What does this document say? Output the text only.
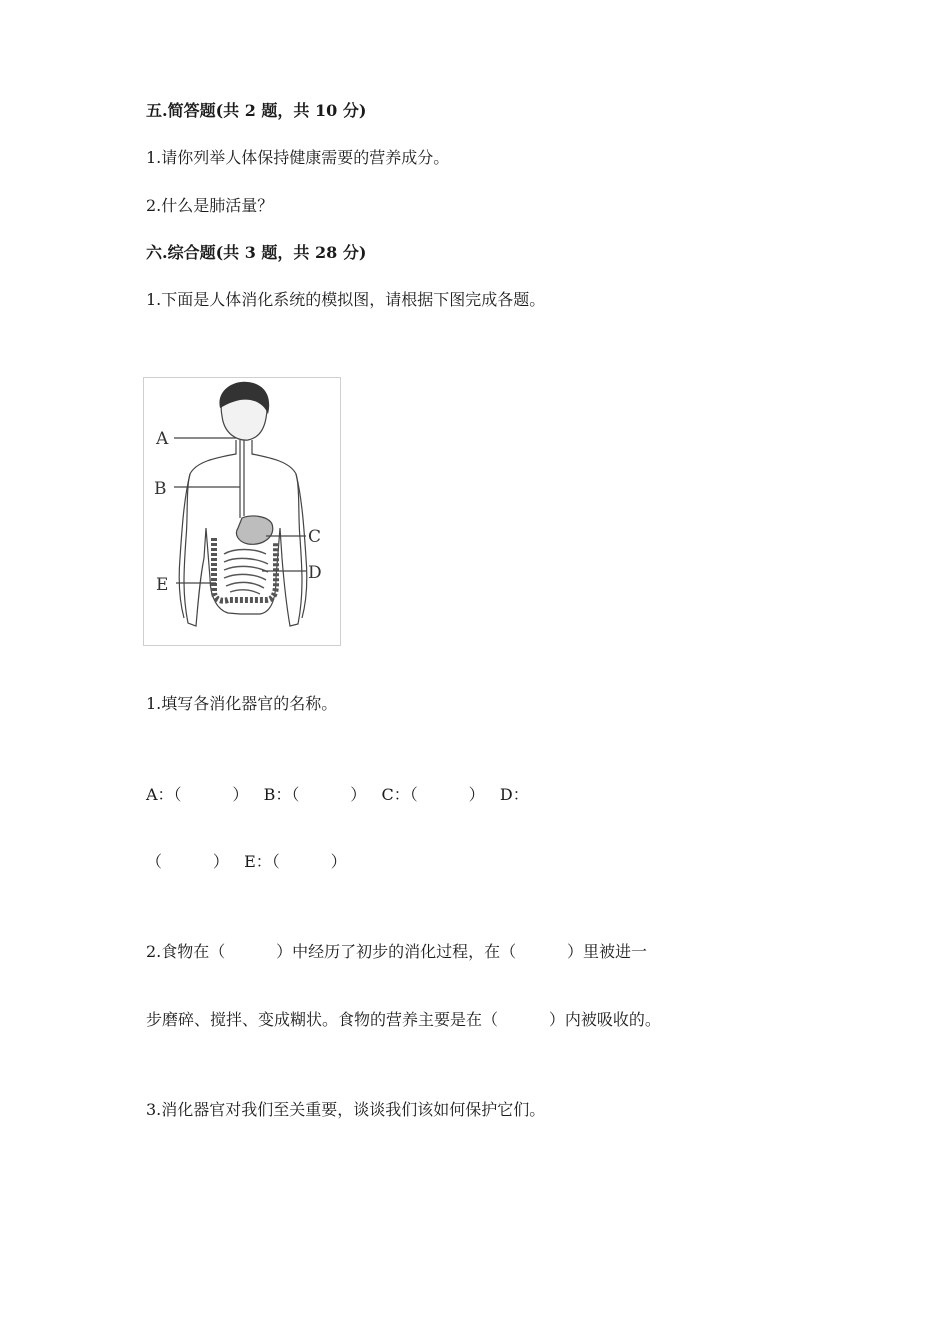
五.简答题(共 2 题，共 10 分)
1.请你列举人体保持健康需要的营养成分。
2.什么是肺活量？
六.综合题(共 3 题，共 28 分)
1.下面是人体消化系统的模拟图，请根据下图完成各题。
A
B
C
D
E
1.填写各消化器官的名称。
A：（          ）   B：（          ）   C：（          ）   D：
（          ）   E：（          ）
2.食物在（          ）中经历了初步的消化过程，在（          ）里被进一
步磨碎、搅拌、变成糊状。食物的营养主要是在（          ）内被吸收的。
3.消化器官对我们至关重要，谈谈我们该如何保护它们。
